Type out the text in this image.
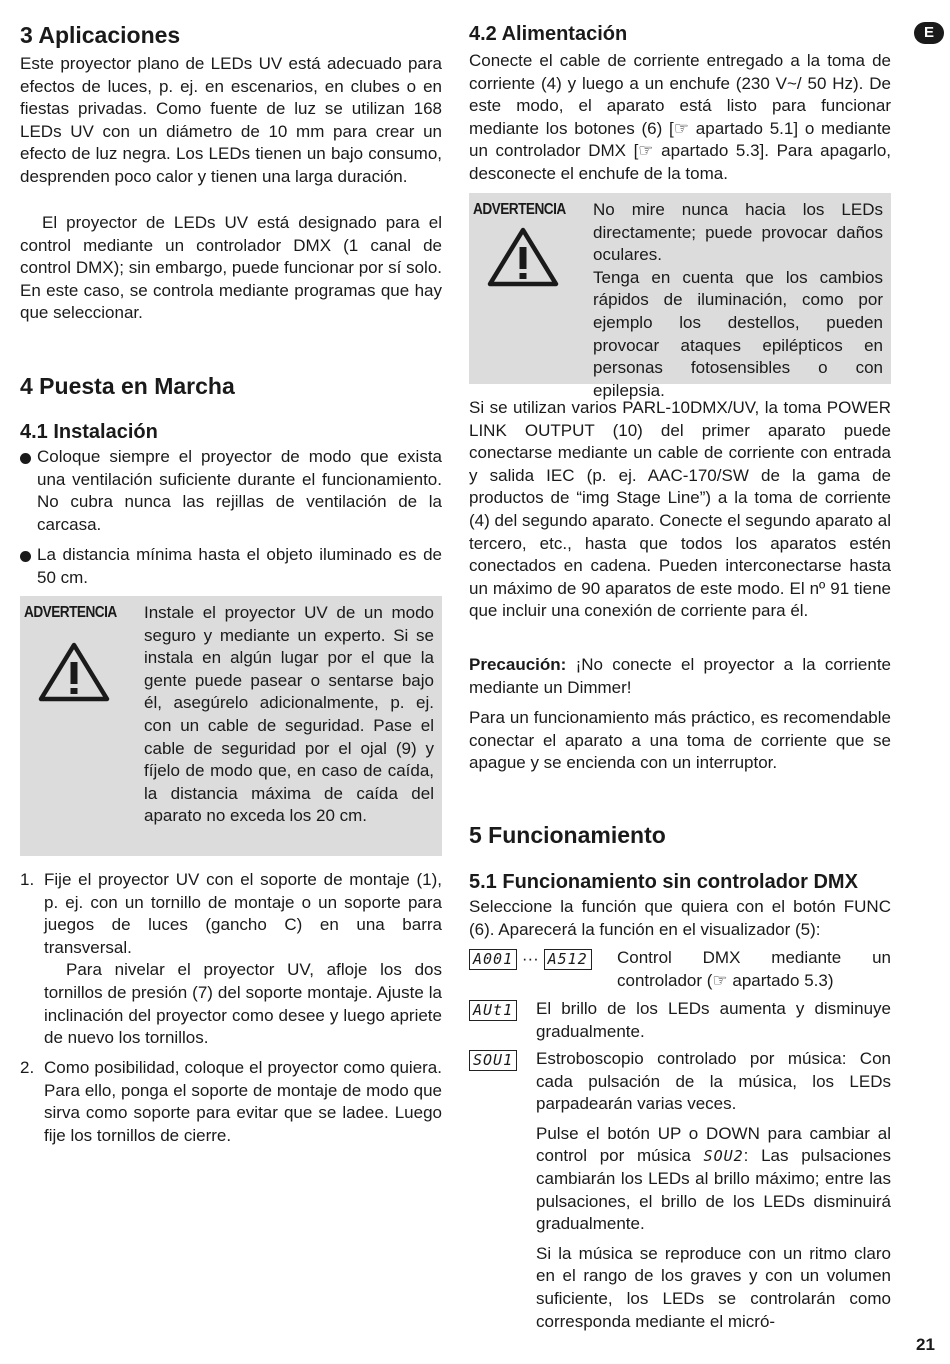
E
3 Aplicaciones

Este proyector plano de LEDs UV está adecuado para efectos de luces, p. ej. en escenarios, en clubes o en fiestas privadas. Como fuente de luz se utilizan 168 LEDs UV con un diámetro de 10 mm para crear un efecto de luz negra. Los LEDs tienen un bajo consumo, desprenden poco calor y tienen una larga duración.

El proyector de LEDs UV está designado para el control mediante un controlador DMX (1 canal de control DMX); sin embargo, puede funcionar por sí solo. En este caso, se controla mediante programas que hay que seleccionar.

4 Puesta en Marcha
4.1 Instalación
Coloque siempre el proyector de modo que exista una ventilación suficiente durante el funcionamiento. No cubra nunca las rejillas de ventilación de la carcasa.
La distancia mínima hasta el objeto iluminado es de 50 cm.
ADVERTENCIA Instale el proyector UV de un modo seguro y mediante un experto. Si se instala en algún lugar por el que la gente puede pasear o sentarse bajo él, asegúrelo adicionalmente, p. ej. con un cable de seguridad. Pase el cable de seguridad por el ojal (9) y fíjelo de modo que, en caso de caída, la distancia máxima de caída del aparato no exceda los 20 cm.
1. Fije el proyector UV con el soporte de montaje (1), p. ej. con un tornillo de montaje o un soporte para juegos de luces (gancho C) en una barra transversal.
Para nivelar el proyector UV, afloje los dos tornillos de presión (7) del soporte montaje. Ajuste la inclinación del proyector como desee y luego apriete de nuevo los tornillos.
2. Como posibilidad, coloque el proyector como quiera. Para ello, ponga el soporte de montaje de modo que sirva como soporte para evitar que se ladee. Luego fije los tornillos de cierre.
4.2 Alimentación

Conecte el cable de corriente entregado a la toma de corriente (4) y luego a un enchufe (230 V~/ 50 Hz). De este modo, el aparato está listo para funcionar mediante los botones (6) [☞ apartado 5.1] o mediante un controlador DMX [☞ apartado 5.3]. Para apagarlo, desconecte el enchufe de la toma.

ADVERTENCIA No mire nunca hacia los LEDs directamente; puede provocar daños oculares.
Tenga en cuenta que los cambios rápidos de iluminación, como por ejemplo los destellos, pueden provocar ataques epilépticos en personas fotosensibles o con epilepsia.

Si se utilizan varios PARL-10DMX/UV, la toma POWER LINK OUTPUT (10) del primer aparato puede conectarse mediante un cable de corriente con entrada y salida IEC (p. ej. AAC-170/SW de la gama de productos de “img Stage Line”) a la toma de corriente (4) del segundo aparato. Conecte el segundo aparato al tercero, etc., hasta que todos los aparatos estén conectados en cadena. Pueden interconectarse hasta un máximo de 90 aparatos de este modo. El nº 91 tiene que incluir una conexión de corriente para él.

Precaución: ¡No conecte el proyector a la corriente mediante un Dimmer!

Para un funcionamiento más práctico, es recomendable conectar el aparato a una toma de corriente que se apague y se encienda con un interruptor.

5 Funcionamiento
5.1 Funcionamiento sin controlador DMX

Seleccione la función que quiera con el botón FUNC (6). Aparecerá la función en el visualizador (5):

A001 ··· A512 Control DMX mediante un controlador (☞ apartado 5.3)
AUt1 El brillo de los LEDs aumenta y disminuye gradualmente.
SOU1 Estroboscopio controlado por música: Con cada pulsación de la música, los LEDs parpadearán varias veces.
Pulse el botón UP o DOWN para cambiar al control por música SOU2: Las pulsaciones cambiarán los LEDs al brillo máximo; entre las pulsaciones, el brillo de los LEDs disminuirá gradualmente.
Si la música se reproduce con un ritmo claro en el rango de los graves y con un volumen suficiente, los LEDs se controlarán como corresponda mediante el micró-
21
